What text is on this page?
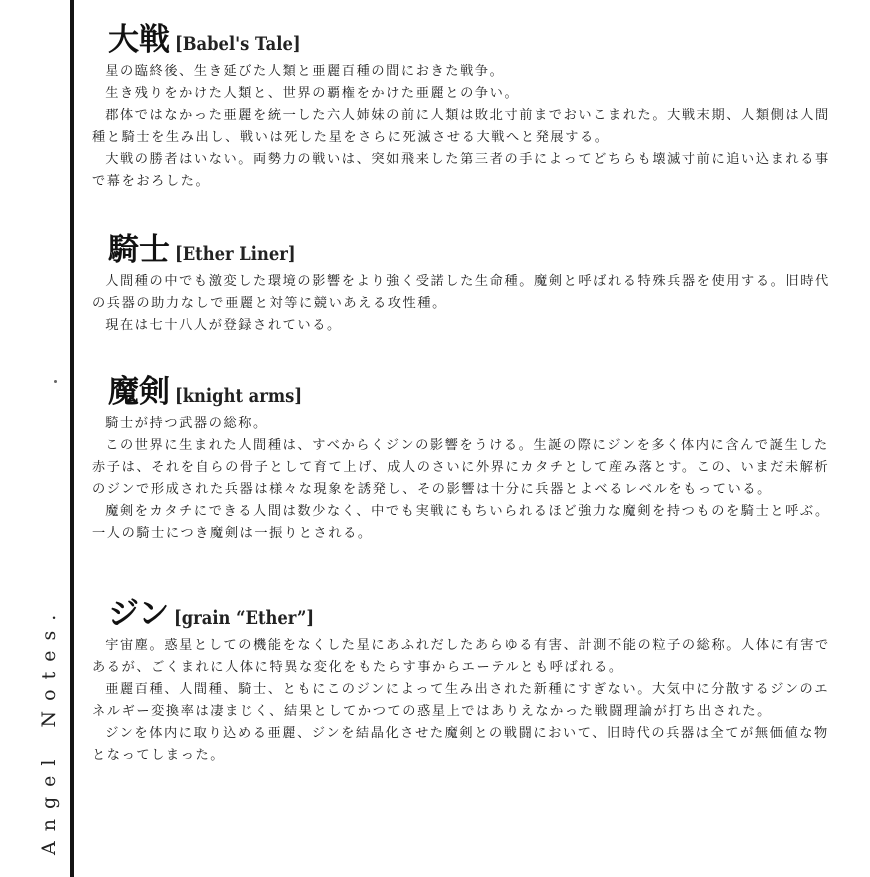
Angel Notes.
大戦 [Babel's Tale]

星の臨終後、生き延びた人類と亜麗百種の間におきた戦争。

生き残りをかけた人類と、世界の覇権をかけた亜麗との争い。

郡体ではなかった亜麗を統一した六人姉妹の前に人類は敗北寸前までおいこまれた。大戦末期、人類側は人間種と騎士を生み出し、戦いは死した星をさらに死滅させる大戦へと発展する。

大戦の勝者はいない。両勢力の戦いは、突如飛来した第三者の手によってどちらも壊滅寸前に追い込まれる事で幕をおろした。

騎士 [Ether Liner]

人間種の中でも激変した環境の影響をより強く受諾した生命種。魔剣と呼ばれる特殊兵器を使用する。旧時代の兵器の助力なしで亜麗と対等に競いあえる攻性種。

現在は七十八人が登録されている。

魔剣 [knight arms]

騎士が持つ武器の総称。

この世界に生まれた人間種は、すべからくジンの影響をうける。生誕の際にジンを多く体内に含んで誕生した赤子は、それを自らの骨子として育て上げ、成人のさいに外界にカタチとして産み落とす。この、いまだ未解析のジンで形成された兵器は様々な現象を誘発し、その影響は十分に兵器とよべるレベルをもっている。

魔剣をカタチにできる人間は数少なく、中でも実戦にもちいられるほど強力な魔剣を持つものを騎士と呼ぶ。一人の騎士につき魔剣は一振りとされる。

ジン [grain “Ether”]

宇宙塵。惑星としての機能をなくした星にあふれだしたあらゆる有害、計測不能の粒子の総称。人体に有害であるが、ごくまれに人体に特異な変化をもたらす事からエーテルとも呼ばれる。

亜麗百種、人間種、騎士、ともにこのジンによって生み出された新種にすぎない。大気中に分散するジンのエネルギー変換率は凄まじく、結果としてかつての惑星上ではありえなかった戦闘理論が打ち出された。

ジンを体内に取り込める亜麗、ジンを結晶化させた魔剣との戦闘において、旧時代の兵器は全てが無価値な物となってしまった。
